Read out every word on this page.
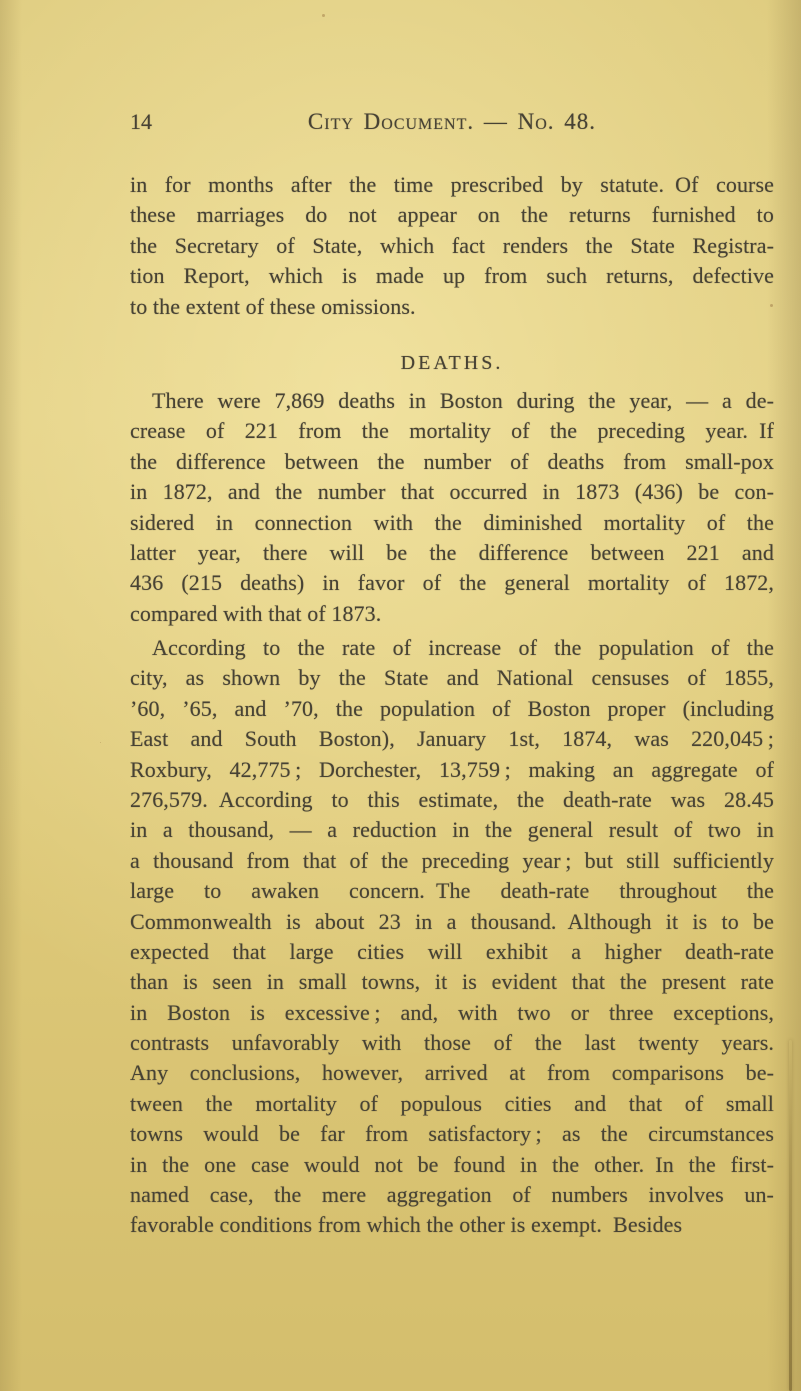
14	City Document. — No. 48.
in for months after the time prescribed by statute. Of course
these marriages do not appear on the returns furnished to
the Secretary of State, which fact renders the State Registra-
tion Report, which is made up from such returns, defective
to the extent of these omissions.
DEATHS.
There were 7,869 deaths in Boston during the year, — a de-
crease of 221 from the mortality of the preceding year. If
the difference between the number of deaths from small-pox
in 1872, and the number that occurred in 1873 (436) be con-
sidered in connection with the diminished mortality of the
latter year, there will be the difference between 221 and
436 (215 deaths) in favor of the general mortality of 1872,
compared with that of 1873.
According to the rate of increase of the population of the
city, as shown by the State and National censuses of 1855,
’60, ’65, and ’70, the population of Boston proper (including
East and South Boston), January 1st, 1874, was 220,045 ;
Roxbury, 42,775 ; Dorchester, 13,759 ; making an aggregate of
276,579. According to this estimate, the death-rate was 28.45
in a thousand, — a reduction in the general result of two in
a thousand from that of the preceding year ; but still sufficiently
large to awaken concern. The death-rate throughout the
Commonwealth is about 23 in a thousand. Although it is to be
expected that large cities will exhibit a higher death-rate
than is seen in small towns, it is evident that the present rate
in Boston is excessive ; and, with two or three exceptions,
contrasts unfavorably with those of the last twenty years.
Any conclusions, however, arrived at from comparisons be-
tween the mortality of populous cities and that of small
towns would be far from satisfactory ; as the circumstances
in the one case would not be found in the other. In the first-
named case, the mere aggregation of numbers involves un-
favorable conditions from which the other is exempt. Besides
